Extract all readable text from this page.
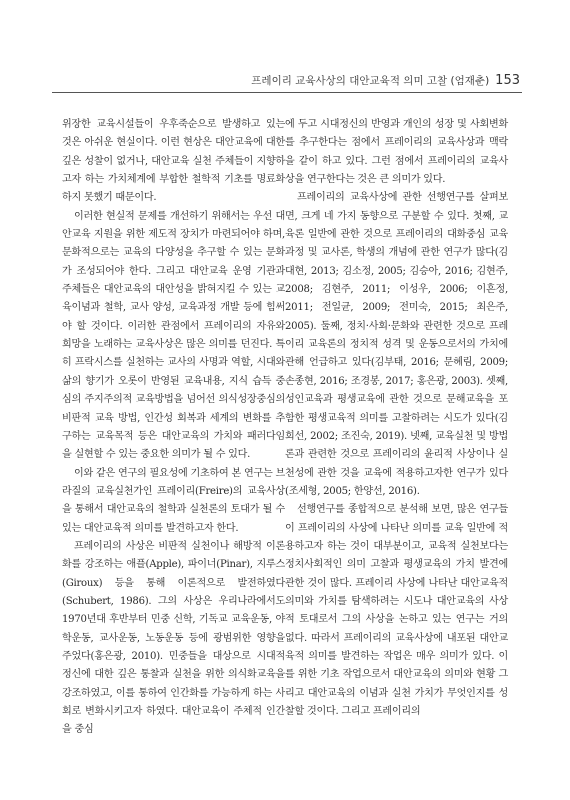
프레이리 교육사상의 대안교육적 의미 고찰 (엄재춘) 153

위장한 교육시설들이 우후죽순으로 발생하고 있는 것은 아쉬운 현실이다. 이런 현상은 대안교육에 대한 깊은 성찰이 없거나, 대안교육 실천 주체들이 지향하고자 하는 가치체계에 부합한 철학적 기초를 명료화하지 못했기 때문이다.

이러한 현실적 문제를 개선하기 위해서는 우선 대안교육 지원을 위한 제도적 장치가 마련되어야 하며, 문화적으로는 교육의 다양성을 추구할 수 있는 문화가 조성되어야 한다. 그리고 대안교육 운영 기관과 주체들은 대안교육의 대안성을 밝혀지킬 수 있는 교육이념과 철학, 교사 양성, 교육과정 개발 등에 힘써야 할 것이다. 이러한 관점에서 프레이리의 자유와 희망을 노래하는 교육사상은 많은 의미를 던진다. 특히 프락시스를 실천하는 교사의 사명과 역할, 시대와 삶의 향기가 오롯이 반영된 교육내용, 지식 습득 중심의 주지주의적 교육방법을 넘어선 의식성장중심의 비판적 교육 방법, 인간성 회복과 세계의 변화를 추구하는 교육목적 등은 대안교육의 가치와 패러다임을 실현할 수 있는 중요한 의미가 될 수 있다.

이와 같은 연구의 필요성에 기초하여 본 연구는 브라질의 교육실천가인 프레이리(Freire)의 교육사상을 통해서 대안교육의 철학과 실천론의 토대가 될 수 있는 대안교육적 의미를 발견하고자 한다.

프레이리의 사상은 비판적 실천이나 해방적 이론화를 강조하는 애플(Apple), 파이너(Pinar), 지루스(Giroux) 등을 통해 이론적으로 발전하였다(Schubert, 1986). 그의 사상은 우리나라에서도 1970년대 후반부터 민중 신학, 기독교 교육운동, 야학운동, 교사운동, 노동운동 등에 광범위한 영향을 주었다(홍은광, 2010). 민중들을 대상으로 시대적 정신에 대한 깊은 통찰과 실천을 위한 의식화교육을 강조하였고, 이를 통하여 인간화를 가능하게 하는 사회로 변화시키고자 하였다. 대안교육이 주체적 인간을 중심

에 두고 시대정신의 반영과 개인의 성장 및 사회변화를 추구한다는 점에서 프레이리의 교육사상과 맥락을 같이 하고 있다. 그런 점에서 프레이리의 교육사상을 연구한다는 것은 큰 의미가 있다.

프레이리의 교육사상에 관한 선행연구를 살펴보면, 크게 네 가지 동향으로 구분할 수 있다. 첫째, 교육론 일반에 관한 것으로 프레이리의 대화중심 교육과정 및 교사론, 학생의 개념에 관한 연구가 많다(김대현, 2013; 김소정, 2005; 김승아, 2016; 김현주, 2008; 김현주, 2011; 이성우, 2006; 이흔정, 2011; 전일균, 2009; 전미숙, 2015; 최은주, 2005). 둘째, 정치·사회·문화와 관련한 것으로 프레이리 교육론의 정치적 성격 및 운동으로서의 가치에 관해 언급하고 있다(김부태, 2016; 문혜림, 2009; 손종현, 2016; 조경봉, 2017; 홍은광, 2003). 셋째, 성인교육과 평생교육에 관한 것으로 문해교육을 포함한 평생교육적 의미를 고찰하려는 시도가 있다(김희선, 2002; 조진숙, 2019). 넷째, 교육실천 및 방법론과 관련한 것으로 프레이리의 윤리적 사상이나 실천성에 관한 것을 교육에 적용하고자한 연구가 있다(조세형, 2005; 한양선, 2016).

선행연구를 종합적으로 분석해 보면, 많은 연구들이 프레이리의 사상에 나타난 의미를 교육 일반에 적용하고자 하는 것이 대부분이고, 교육적 실천보다는 정치사회적인 의미 고찰과 평생교육의 가치 발견에 관한 것이 많다. 프레이리 사상에 나타난 대안교육적 의미와 가치를 탐색하려는 시도나 대안교육의 사상적 토대로서 그의 사상을 논하고 있는 연구는 거의 없다. 따라서 프레이리의 교육사상에 내포된 대안교육적 의미를 발견하는 작업은 매우 의미가 있다. 이를 위한 기초 작업으로서 대안교육의 의미와 현황 그리고 대안교육의 이념과 실천 가치가 무엇인지를 성찰할 것이다. 그리고 프레이리의
